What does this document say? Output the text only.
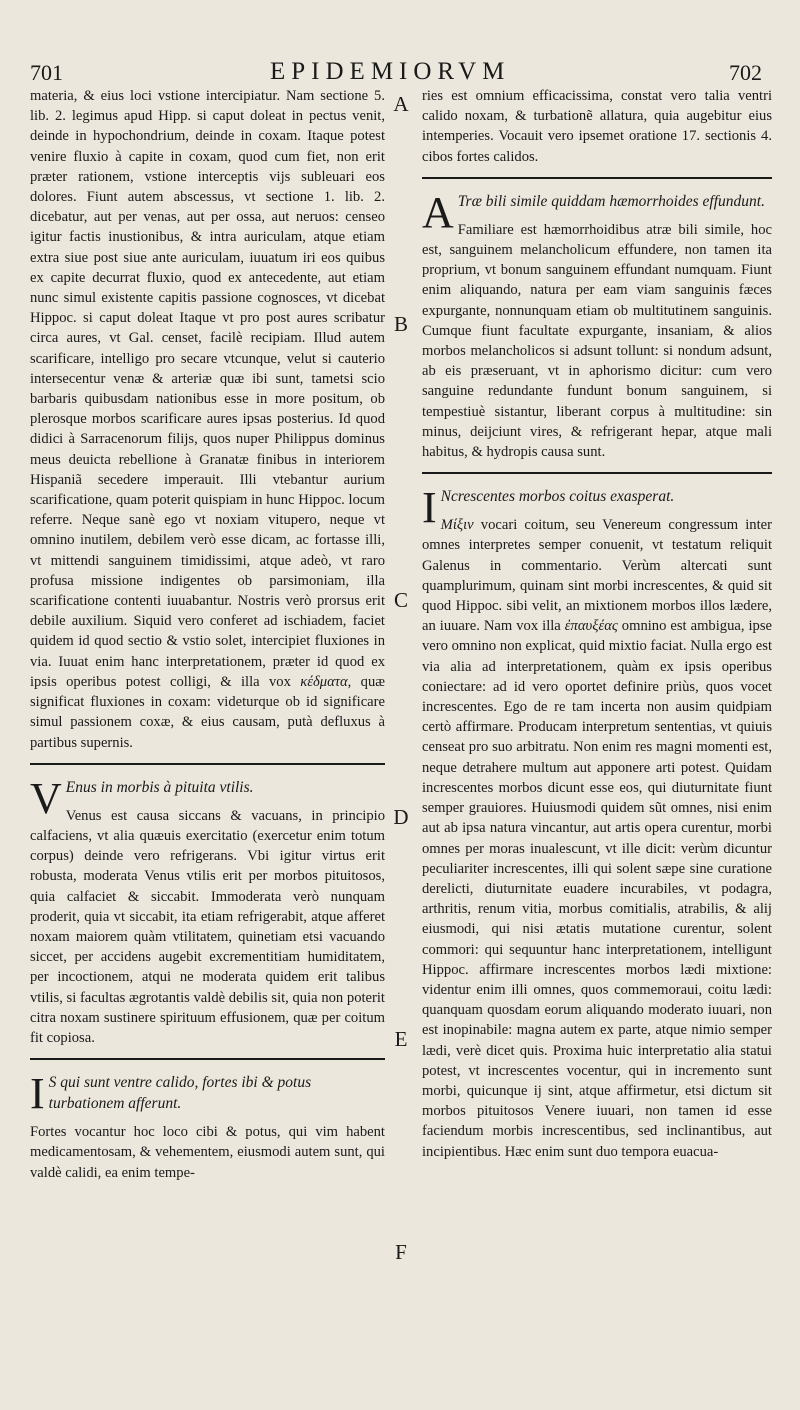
701	EPIDEMIORVM	702
A
B
C
D
E
F

materia, & eius loci vstione intercipiatur. Nam sectione 5. lib. 2. legimus apud Hipp. si caput doleat in pectus venit, deinde in hypochondrium, deinde in coxam. Itaque potest venire fluxio à capite in coxam, quod cum fiet, non erit præter rationem, vstione interceptis vijs subleuari eos dolores. Fiunt autem abscessus, vt sectione 1. lib. 2. dicebatur, aut per venas, aut per ossa, aut neruos: censeo igitur factis inustionibus, & intra auriculam, atque etiam extra siue post siue ante auriculam, iuuatum iri eos quibus ex capite decurrat fluxio, quod ex antecedente, aut etiam nunc simul existente capitis passione cognosces, vt dicebat Hippoc. si caput doleat Itaque vt pro post aures scribatur circa aures, vt Gal. censet, facilè recipiam. Illud autem scarificare, intelligo pro secare vtcunque, velut si cauterio intersecentur venæ & arteriæ quæ ibi sunt, tametsi scio barbaris quibusdam nationibus esse in more positum, ob plerosque morbos scarificare aures ipsas posterius. Id quod didici à Sarracenorum filijs, quos nuper Philippus dominus meus deuicta rebellione à Granatæ finibus in interiorem Hispaniã secedere imperauit. Illi vtebantur aurium scarificatione, quam poterit quispiam in hunc Hippoc. locum referre. Neque sanè ego vt noxiam vitupero, neque vt omnino inutilem, debilem verò esse dicam, ac fortasse illi, vt mittendi sanguinem timidissimi, atque adeò, vt raro profusa missione indigentes ob parsimoniam, illa scarificatione contenti iuuabantur. Nostris verò prorsus erit debile auxilium. Siquid vero conferet ad ischiadem, faciet quidem id quod sectio & vstio solet, intercipiet fluxiones in via. Iuuat enim hanc interpretationem, præter id quod ex ipsis operibus potest colligi, & illa vox κέδματα, quæ significat fluxiones in coxam: videturque ob id significare simul passionem coxæ, & eius causam, putà defluxus à partibus supernis.

V Enus in morbis à pituita vtilis.

Venus est causa siccans & vacuans, in principio calfaciens, vt alia quæuis exercitatio (exercetur enim totum corpus) deinde vero refrigerans. Vbi igitur virtus erit robusta, moderata Venus vtilis erit per morbos pituitosos, quia calfaciet & siccabit. Immoderata verò nunquam proderit, quia vt siccabit, ita etiam refrigerabit, atque afferet noxam maiorem quàm vtilitatem, quinetiam etsi vacuando siccet, per accidens augebit excrementitiam humiditatem, per incoctionem, atqui ne moderata quidem erit talibus vtilis, si facultas ægrotantis valdè debilis sit, quia non poterit citra noxam sustinere spirituum effusionem, quæ per coitum fit copiosa.

I S qui sunt ventre calido, fortes ibi & potus turbationem afferunt.

Fortes vocantur hoc loco cibi & potus, qui vim habent medicamentosam, & vehementem, eiusmodi autem sunt, qui valdè calidi, ea enim tempe-

ries est omnium efficacissima, constat vero talia ventri calido noxam, & turbationẽ allatura, quia augebitur eius intemperies. Vocauit vero ipsemet oratione 17. sectionis 4. cibos fortes calidos.

A Træ bili simile quiddam hæmorrhoides effundunt.

Familiare est hæmorrhoidibus atræ bili simile, hoc est, sanguinem melancholicum effundere, non tamen ita proprium, vt bonum sanguinem effundant numquam. Fiunt enim aliquando, natura per eam viam sanguinis fæces expurgante, nonnunquam etiam ob multitutinem sanguinis. Cumque fiunt facultate expurgante, insaniam, & alios morbos melancholicos si adsunt tollunt: si nondum adsunt, ab eis præseruant, vt in aphorismo dicitur: cum vero sanguine redundante fundunt bonum sanguinem, si tempestiuè sistantur, liberant corpus à multitudine: sin minus, deijciunt vires, & refrigerant hepar, atque mali habitus, & hydropis causa sunt.

I Ncrescentes morbos coitus exasperat.

Μίξιν vocari coitum, seu Venereum congressum inter omnes interpretes semper conuenit, vt testatum reliquit Galenus in commentario. Verùm altercati sunt quamplurimum, quinam sint morbi increscentes, & quid sit quod Hippoc. sibi velit, an mixtionem morbos illos lædere, an iuuare. Nam vox illa ἐπαυξέας omnino est ambigua, ipse vero omnino non explicat, quid mixtio faciat. Nulla ergo est via alia ad interpretationem, quàm ex ipsis operibus coniectare: ad id vero oportet definire priùs, quos vocet increscentes. Ego de re tam incerta non ausim quidpiam certò affirmare. Producam interpretum sententias, vt quiuis censeat pro suo arbitratu. Non enim res magni momenti est, neque detrahere multum aut apponere arti potest. Quidam increscentes morbos dicunt esse eos, qui diuturnitate fiunt semper grauiores. Huiusmodi quidem sũt omnes, nisi enim aut ab ipsa natura vincantur, aut artis opera curentur, morbi omnes per moras inualescunt, vt ille dicit: verùm dicuntur peculiariter increscentes, illi qui solent sæpe sine curatione derelicti, diuturnitate euadere incurabiles, vt podagra, arthritis, renum vitia, morbus comitialis, atrabilis, & alij eiusmodi, qui nisi ætatis mutatione curentur, solent commori: qui sequuntur hanc interpretationem, intelligunt Hippoc. affirmare increscentes morbos lædi mixtione: videntur enim illi omnes, quos commemoraui, coitu lædi: quanquam quosdam eorum aliquando moderato iuuari, non est inopinabile: magna autem ex parte, atque nimio semper lædi, verè dicet quis. Proxima huic interpretatio alia statui potest, vt increscentes vocentur, qui in incremento sunt morbi, quicunque ij sint, atque affirmetur, etsi dictum sit morbos pituitosos Venere iuuari, non tamen id esse faciendum morbis increscentibus, sed inclinantibus, aut incipientibus. Hæc enim sunt duo tempora euacua-
